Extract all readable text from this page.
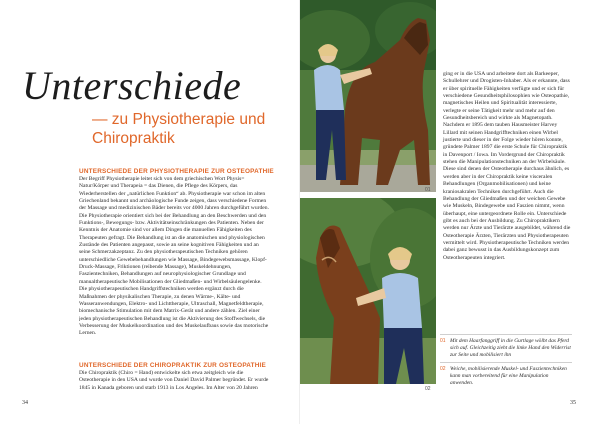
Unterschiede
— zu Physiotherapie und Chiropraktik
UNTERSCHIEDE DER PHYSIOTHERAPIE ZUR OSTEOPATHIE
Der Begriff Physiotherapie leitet sich von dem griechischen Wort Physis= Natur/Körper und Therapeia = das Dienen, die Pflege des Körpers, das Wiederherstellen der „natürlichen Funktion“ ab. Physiotherapie war schon im alten Griechenland bekannt und archäologische Funde zeigen, dass verschiedene Formen der Massage und medizinischen Bäder bereits vor 4000 Jahren durchgeführt wurden. Die Physiotherapie orientiert sich bei der Behandlung an den Beschwerden und den Funktions-, Bewegungs- bzw. Aktivitätseinschränkungen des Patienten. Neben der Kenntnis der Anatomie sind vor allem Dingen die manuellen Fähigkeiten des Therapeuten gefragt. Die Behandlung ist an die anatomischen und physiologischen Zustände des Patienten angepasst, sowie an seine kognitiven Fähigkeiten und an seine Schmerzakzeptanz. Zu den physiotherapeutischen Techniken gehören unterschiedliche Gewebebehandlungen wie Massage, Bindegewebsmassage, Klopf-Druck-Massage, Friktionen (reibende Massage), Muskeldehnungen, Faszientechniken, Behandlungen auf neurophysiologischer Grundlage und manualtherapeutische Mobilisationen der Gliedmaßen- und Wirbelsäulengelenke. Die physiotherapeutischen Handgriffstechniken werden ergänzt durch die Maßnahmen der physikalischen Therapie, zu denen Wärme-, Kälte- und Wasseranwendungen, Elektro- und Lichttherapie, Ultraschall, Magnetfeldtherapie, biomechanische Stimulation mit dem Matrix-Gerät und andere zählen. Ziel einer jeden physiotherapeutischen Behandlung ist die Aktivierung des Stoffwechsels, die Verbesserung der Muskelkoordination und des Muskelaufbaus sowie das motorische Lernen.
UNTERSCHIEDE DER CHIROPRAKTIK ZUR OSTEOPATHIE
Die Chiropraktik (Chiro = Hand) entwickelte sich etwa zeitgleich wie die Osteotherapie in den USA und wurde von Daniel David Palmer begründet. Er wurde 1845 in Kanada geboren und starb 1913 in Los Angeles. Im Alter von 20 Jahren
34
01
02
ging er in die USA und arbeitete dort als Barkeeper, Schullehrer und Drogisten-Inhaber. Als er erkannte, dass er über spirituelle Fähigkeiten verfügte und er sich für verschiedene Gesundheitsphilosophien wie Osteopathie, magnetisches Heilen und Spiritualität interessierte, verlegte er seine Tätigkeit mehr und mehr auf den Gesundheitsbereich und wirkte als Magnetopath. Nachdem er 1895 dem tauben Hausmeister Harvey Lillard mit seinen Handgrifftechniken einen Wirbel justierte und dieser in der Folge wieder hören konnte, gründete Palmer 1897 die erste Schule für Chiropraktik in Davenport / Iowa. Im Vordergrund der Chiropraktik stehen die Manipulationstechniken an der Wirbelsäule. Diese sind denen der Osteotherapie durchaus ähnlich, es werden aber in der Chiropraktik keine visceralen Behandlungen (Organmobilisationen) und keine kraniosakralen Techniken durchgeführt. Auch die Behandlung der Gliedmaßen und der weichen Gewebe wie Muskeln, Bindegewebe und Faszien nimmt, wenn überhaupt, eine untergeordnete Rolle ein. Unterschiede gibt es auch bei der Ausbildung. Zu Chiropraktikern werden nur Ärzte und Tierärzte ausgebildet, während die Osteotherapie Ärzten, Tierärzten und Physiotherapeuten vermittelt wird. Physiotherapeutische Techniken werden dabei ganz bewusst in das Ausbildungskonzept zum Osteotherapeuten integriert.
01 Mit dem Haarfanggriff in die Gurtlage wölbt das Pferd sich auf. Gleichzeitig zieht die linke Hand den Widerrist zur Seite und mobilisiert ihn
02 Weiche, mobilisierende Muskel- und Faszientechniken kann man vorbereitend für eine Manipulation anwenden.
35
